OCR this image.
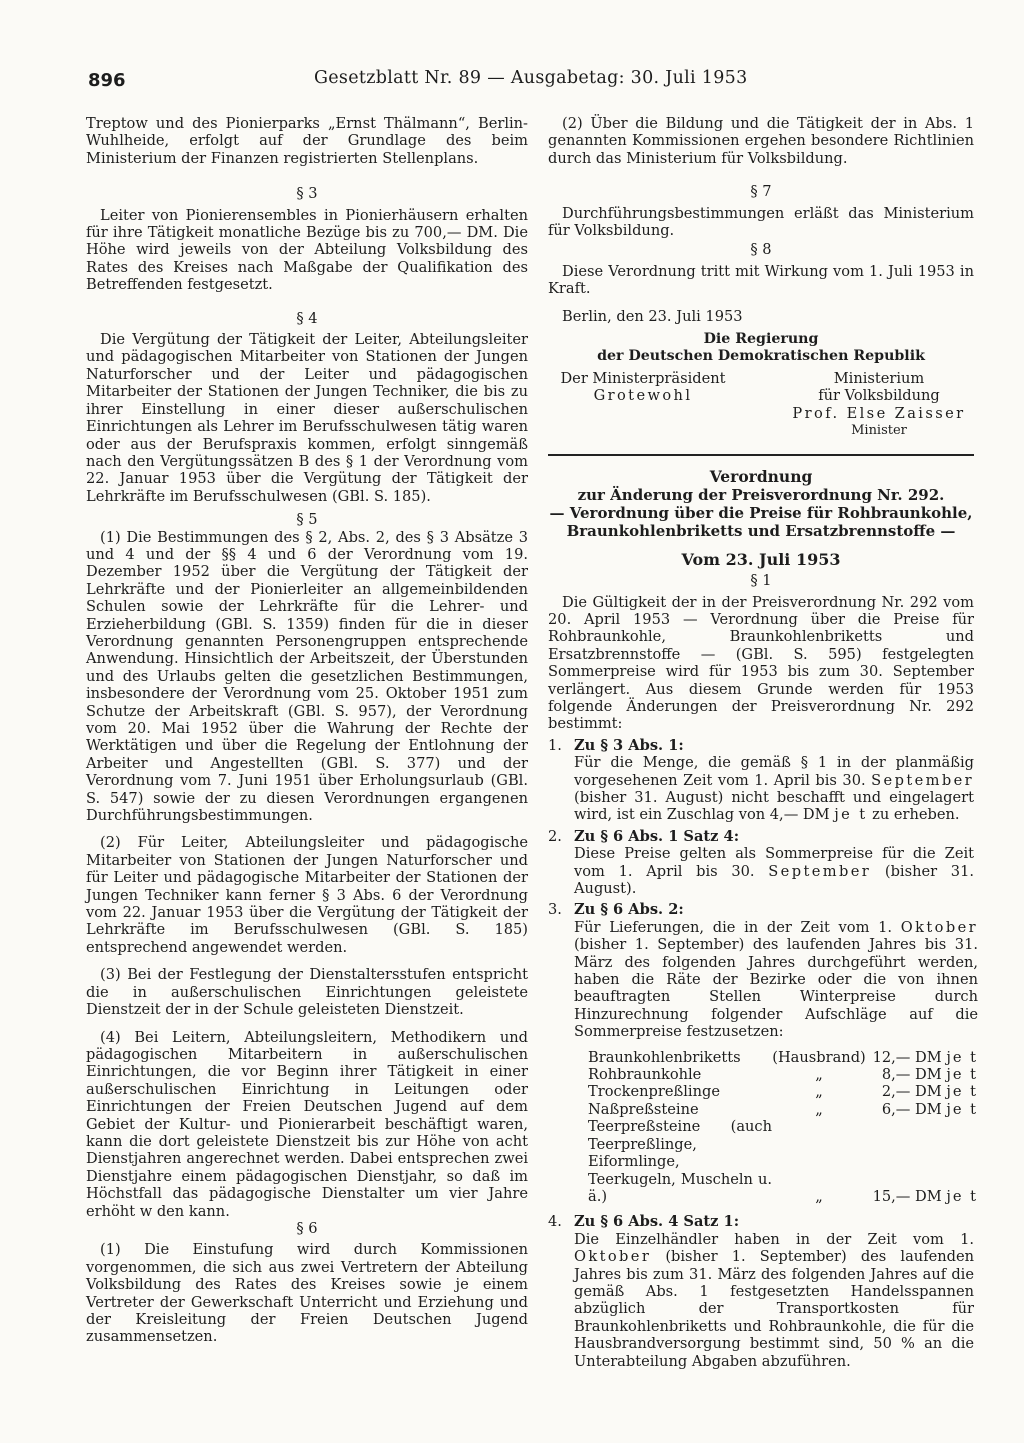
896	Gesetzblatt Nr. 89 — Ausgabetag: 30. Juli 1953

Treptow und des Pionierparks „Ernst Thälmann“, Berlin-Wuhlheide, erfolgt auf der Grundlage des beim Ministerium der Finanzen registrierten Stellenplans.

§ 3

Leiter von Pionierensembles in Pionierhäusern erhalten für ihre Tätigkeit monatliche Bezüge bis zu 700,— DM. Die Höhe wird jeweils von der Abteilung Volksbildung des Rates des Kreises nach Maßgabe der Qualifikation des Betreffenden festgesetzt.

§ 4

Die Vergütung der Tätigkeit der Leiter, Abteilungsleiter und pädagogischen Mitarbeiter von Stationen der Jungen Naturforscher und der Leiter und pädagogischen Mitarbeiter der Stationen der Jungen Techniker, die bis zu ihrer Einstellung in einer dieser außerschulischen Einrichtungen als Lehrer im Berufsschulwesen tätig waren oder aus der Berufspraxis kommen, erfolgt sinngemäß nach den Vergütungssätzen B des § 1 der Verordnung vom 22. Januar 1953 über die Vergütung der Tätigkeit der Lehrkräfte im Berufsschulwesen (GBl. S. 185).

§ 5

(1) Die Bestimmungen des § 2, Abs. 2, des § 3 Absätze 3 und 4 und der §§ 4 und 6 der Verordnung vom 19. Dezember 1952 über die Vergütung der Tätigkeit der Lehrkräfte und der Pionierleiter an allgemeinbildenden Schulen sowie der Lehrkräfte für die Lehrer- und Erzieherbildung (GBl. S. 1359) finden für die in dieser Verordnung genannten Personengruppen entsprechende Anwendung. Hinsichtlich der Arbeitszeit, der Überstunden und des Urlaubs gelten die gesetzlichen Bestimmungen, insbesondere der Verordnung vom 25. Oktober 1951 zum Schutze der Arbeitskraft (GBl. S. 957), der Verordnung vom 20. Mai 1952 über die Wahrung der Rechte der Werktätigen und über die Regelung der Entlohnung der Arbeiter und Angestellten (GBl. S. 377) und der Verordnung vom 7. Juni 1951 über Erholungsurlaub (GBl. S. 547) sowie der zu diesen Verordnungen ergangenen Durchführungsbestimmungen.

(2) Für Leiter, Abteilungsleiter und pädagogische Mitarbeiter von Stationen der Jungen Naturforscher und für Leiter und pädagogische Mitarbeiter der Stationen der Jungen Techniker kann ferner § 3 Abs. 6 der Verordnung vom 22. Januar 1953 über die Vergütung der Tätigkeit der Lehrkräfte im Berufsschulwesen (GBl. S. 185) entsprechend angewendet werden.

(3) Bei der Festlegung der Dienstaltersstufen entspricht die in außerschulischen Einrichtungen geleistete Dienstzeit der in der Schule geleisteten Dienstzeit.

(4) Bei Leitern, Abteilungsleitern, Methodikern und pädagogischen Mitarbeitern in außerschulischen Einrichtungen, die vor Beginn ihrer Tätigkeit in einer außerschulischen Einrichtung in Leitungen oder Einrichtungen der Freien Deutschen Jugend auf dem Gebiet der Kultur- und Pionierarbeit beschäftigt waren, kann die dort geleistete Dienstzeit bis zur Höhe von acht Dienstjahren angerechnet werden. Dabei entsprechen zwei Dienstjahre einem pädagogischen Dienstjahr, so daß im Höchstfall das pädagogische Dienstalter um vier Jahre erhöht w den kann.

§ 6

(1) Die Einstufung wird durch Kommissionen vorgenommen, die sich aus zwei Vertretern der Abteilung Volksbildung des Rates des Kreises sowie je einem Vertreter der Gewerkschaft Unterricht und Erziehung und der Kreisleitung der Freien Deutschen Jugend zusammensetzen.

(2) Über die Bildung und die Tätigkeit der in Abs. 1 genannten Kommissionen ergehen besondere Richtlinien durch das Ministerium für Volksbildung.

§ 7

Durchführungsbestimmungen erläßt das Ministerium für Volksbildung.

§ 8

Diese Verordnung tritt mit Wirkung vom 1. Juli 1953 in Kraft.

Berlin, den 23. Juli 1953

Die Regierung
der Deutschen Demokratischen Republik
Der Ministerpräsident
Grotewohl
Ministerium
für Volksbildung
Prof. Else Zaisser
Minister
Verordnung
zur Änderung der Preisverordnung Nr. 292.
— Verordnung über die Preise für Rohbraunkohle,
Braunkohlenbriketts und Ersatzbrennstoffe —
Vom 23. Juli 1953
§ 1

Die Gültigkeit der in der Preisverordnung Nr. 292 vom 20. April 1953 — Verordnung über die Preise für Rohbraunkohle, Braunkohlenbriketts und Ersatzbrennstoffe — (GBl. S. 595) festgelegten Sommerpreise wird für 1953 bis zum 30. September verlängert. Aus diesem Grunde werden für 1953 folgende Änderungen der Preisverordnung Nr. 292 bestimmt:

1. Zu § 3 Abs. 1:
Für die Menge, die gemäß § 1 in der planmäßig vorgesehenen Zeit vom 1. April bis 30. September (bisher 31. August) nicht beschafft und eingelagert wird, ist ein Zuschlag von 4,— DM je t zu erheben.
2. Zu § 6 Abs. 1 Satz 4:
Diese Preise gelten als Sommerpreise für die Zeit vom 1. April bis 30. September (bisher 31. August).
3. Zu § 6 Abs. 2:
Für Lieferungen, die in der Zeit vom 1. Oktober (bisher 1. September) des laufenden Jahres bis 31. März des folgenden Jahres durchgeführt werden, haben die Räte der Bezirke oder die von ihnen beauftragten Stellen Winterpreise durch Hinzurechnung folgender Aufschläge auf die Sommerpreise festzusetzen:
Braunkohlenbriketts	(Hausbrand) 12,— DM je t
Rohbraunkohle	„	8,— DM je t
Trockenpreßlinge	„	2,— DM je t
Naßpreßsteine	„	6,— DM je t
Teerpreßsteine (auch Teerpreßlinge, Eiformlinge, Teerkugeln, Muscheln u. ä.)	„	15,— DM je t
4. Zu § 6 Abs. 4 Satz 1:
Die Einzelhändler haben in der Zeit vom 1. Oktober (bisher 1. September) des laufenden Jahres bis zum 31. März des folgenden Jahres auf die gemäß Abs. 1 festgesetzten Handelsspannen abzüglich der Transportkosten für Braunkohlenbriketts und Rohbraunkohle, die für die Hausbrandversorgung bestimmt sind, 50 % an die Unterabteilung Abgaben abzuführen.
